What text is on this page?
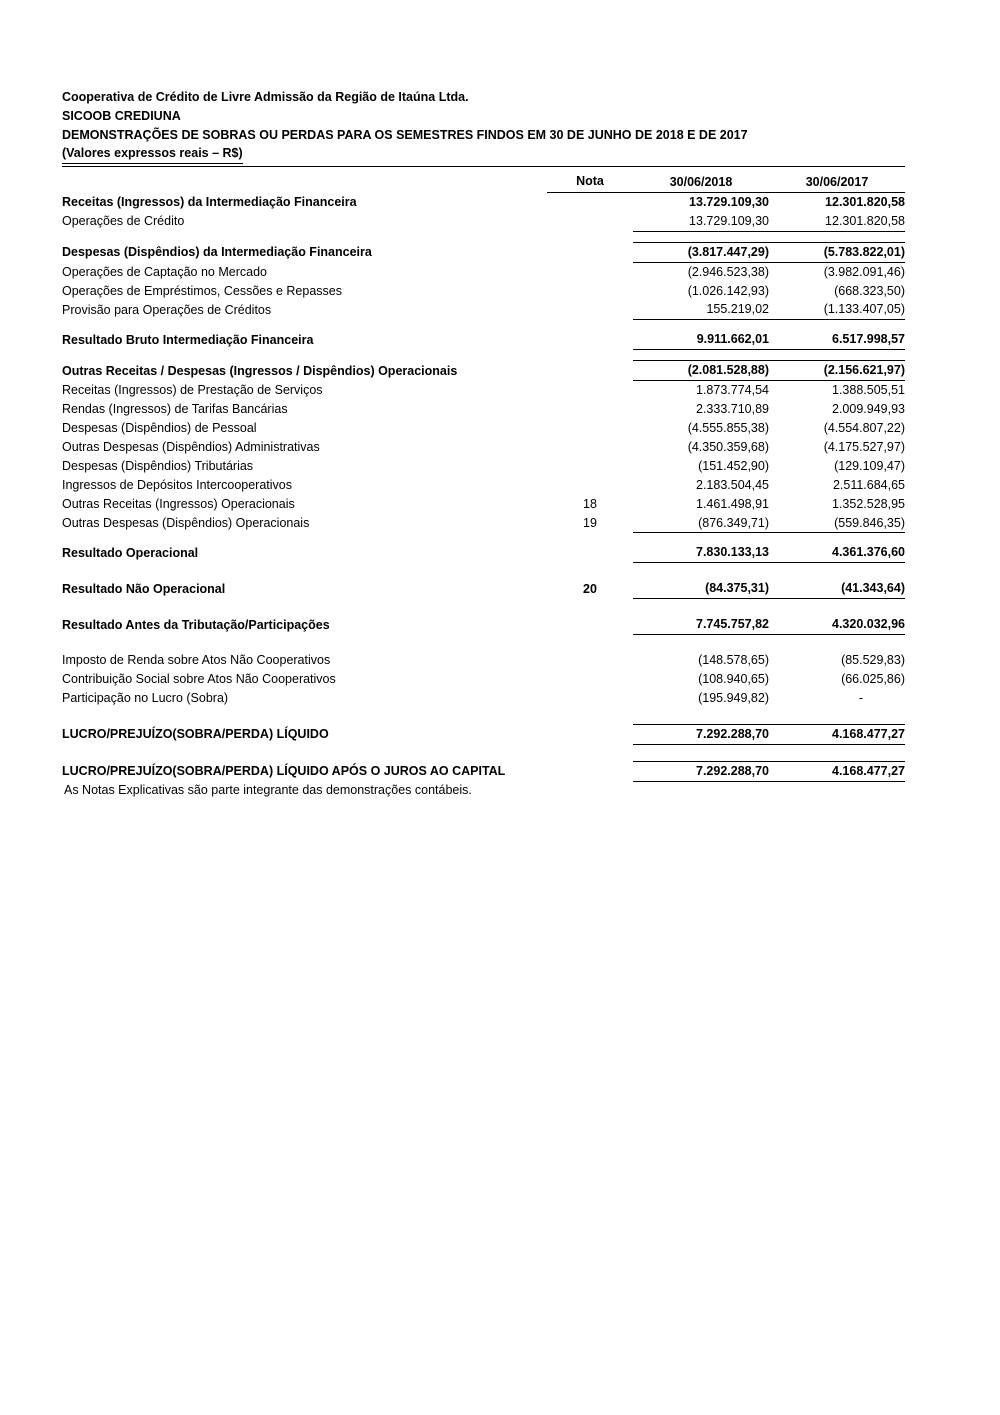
Cooperativa de Crédito de Livre Admissão da Região de Itaúna Ltda.
SICOOB CREDIUNA
DEMONSTRAÇÕES DE SOBRAS OU PERDAS PARA OS SEMESTRES FINDOS EM 30 DE JUNHO DE 2018 E DE 2017
(Valores expressos reais – R$)
	Nota	30/06/2018	30/06/2017
Receitas (Ingressos) da Intermediação Financeira		13.729.109,30	12.301.820,58
Operações de Crédito		13.729.109,30	12.301.820,58

Despesas (Dispêndios) da Intermediação Financeira		(3.817.447,29)	(5.783.822,01)
Operações de Captação no Mercado		(2.946.523,38)	(3.982.091,46)
Operações de Empréstimos, Cessões e Repasses		(1.026.142,93)	(668.323,50)
Provisão para Operações de Créditos		155.219,02	(1.133.407,05)

Resultado Bruto Intermediação Financeira		9.911.662,01	6.517.998,57

Outras Receitas / Despesas (Ingressos / Dispêndios) Operacionais		(2.081.528,88)	(2.156.621,97)
Receitas (Ingressos) de Prestação de Serviços		1.873.774,54	1.388.505,51
Rendas (Ingressos) de Tarifas Bancárias		2.333.710,89	2.009.949,93
Despesas (Dispêndios) de Pessoal		(4.555.855,38)	(4.554.807,22)
Outras Despesas (Dispêndios) Administrativas		(4.350.359,68)	(4.175.527,97)
Despesas (Dispêndios) Tributárias		(151.452,90)	(129.109,47)
Ingressos de Depósitos Intercooperativos		2.183.504,45	2.511.684,65
Outras Receitas (Ingressos) Operacionais	18	1.461.498,91	1.352.528,95
Outras Despesas (Dispêndios) Operacionais	19	(876.349,71)	(559.846,35)

Resultado Operacional		7.830.133,13	4.361.376,60

Resultado Não Operacional	20	(84.375,31)	(41.343,64)

Resultado Antes da Tributação/Participações		7.745.757,82	4.320.032,96

Imposto de Renda sobre Atos Não Cooperativos		(148.578,65)	(85.529,83)
Contribuição Social sobre Atos Não Cooperativos		(108.940,65)	(66.025,86)
Participação no Lucro (Sobra)		(195.949,82)	-

LUCRO/PREJUÍZO(SOBRA/PERDA) LÍQUIDO		7.292.288,70	4.168.477,27

LUCRO/PREJUÍZO(SOBRA/PERDA) LÍQUIDO APÓS O JUROS AO CAPITAL		7.292.288,70	4.168.477,27
As Notas Explicativas são parte integrante das demonstrações contábeis.
